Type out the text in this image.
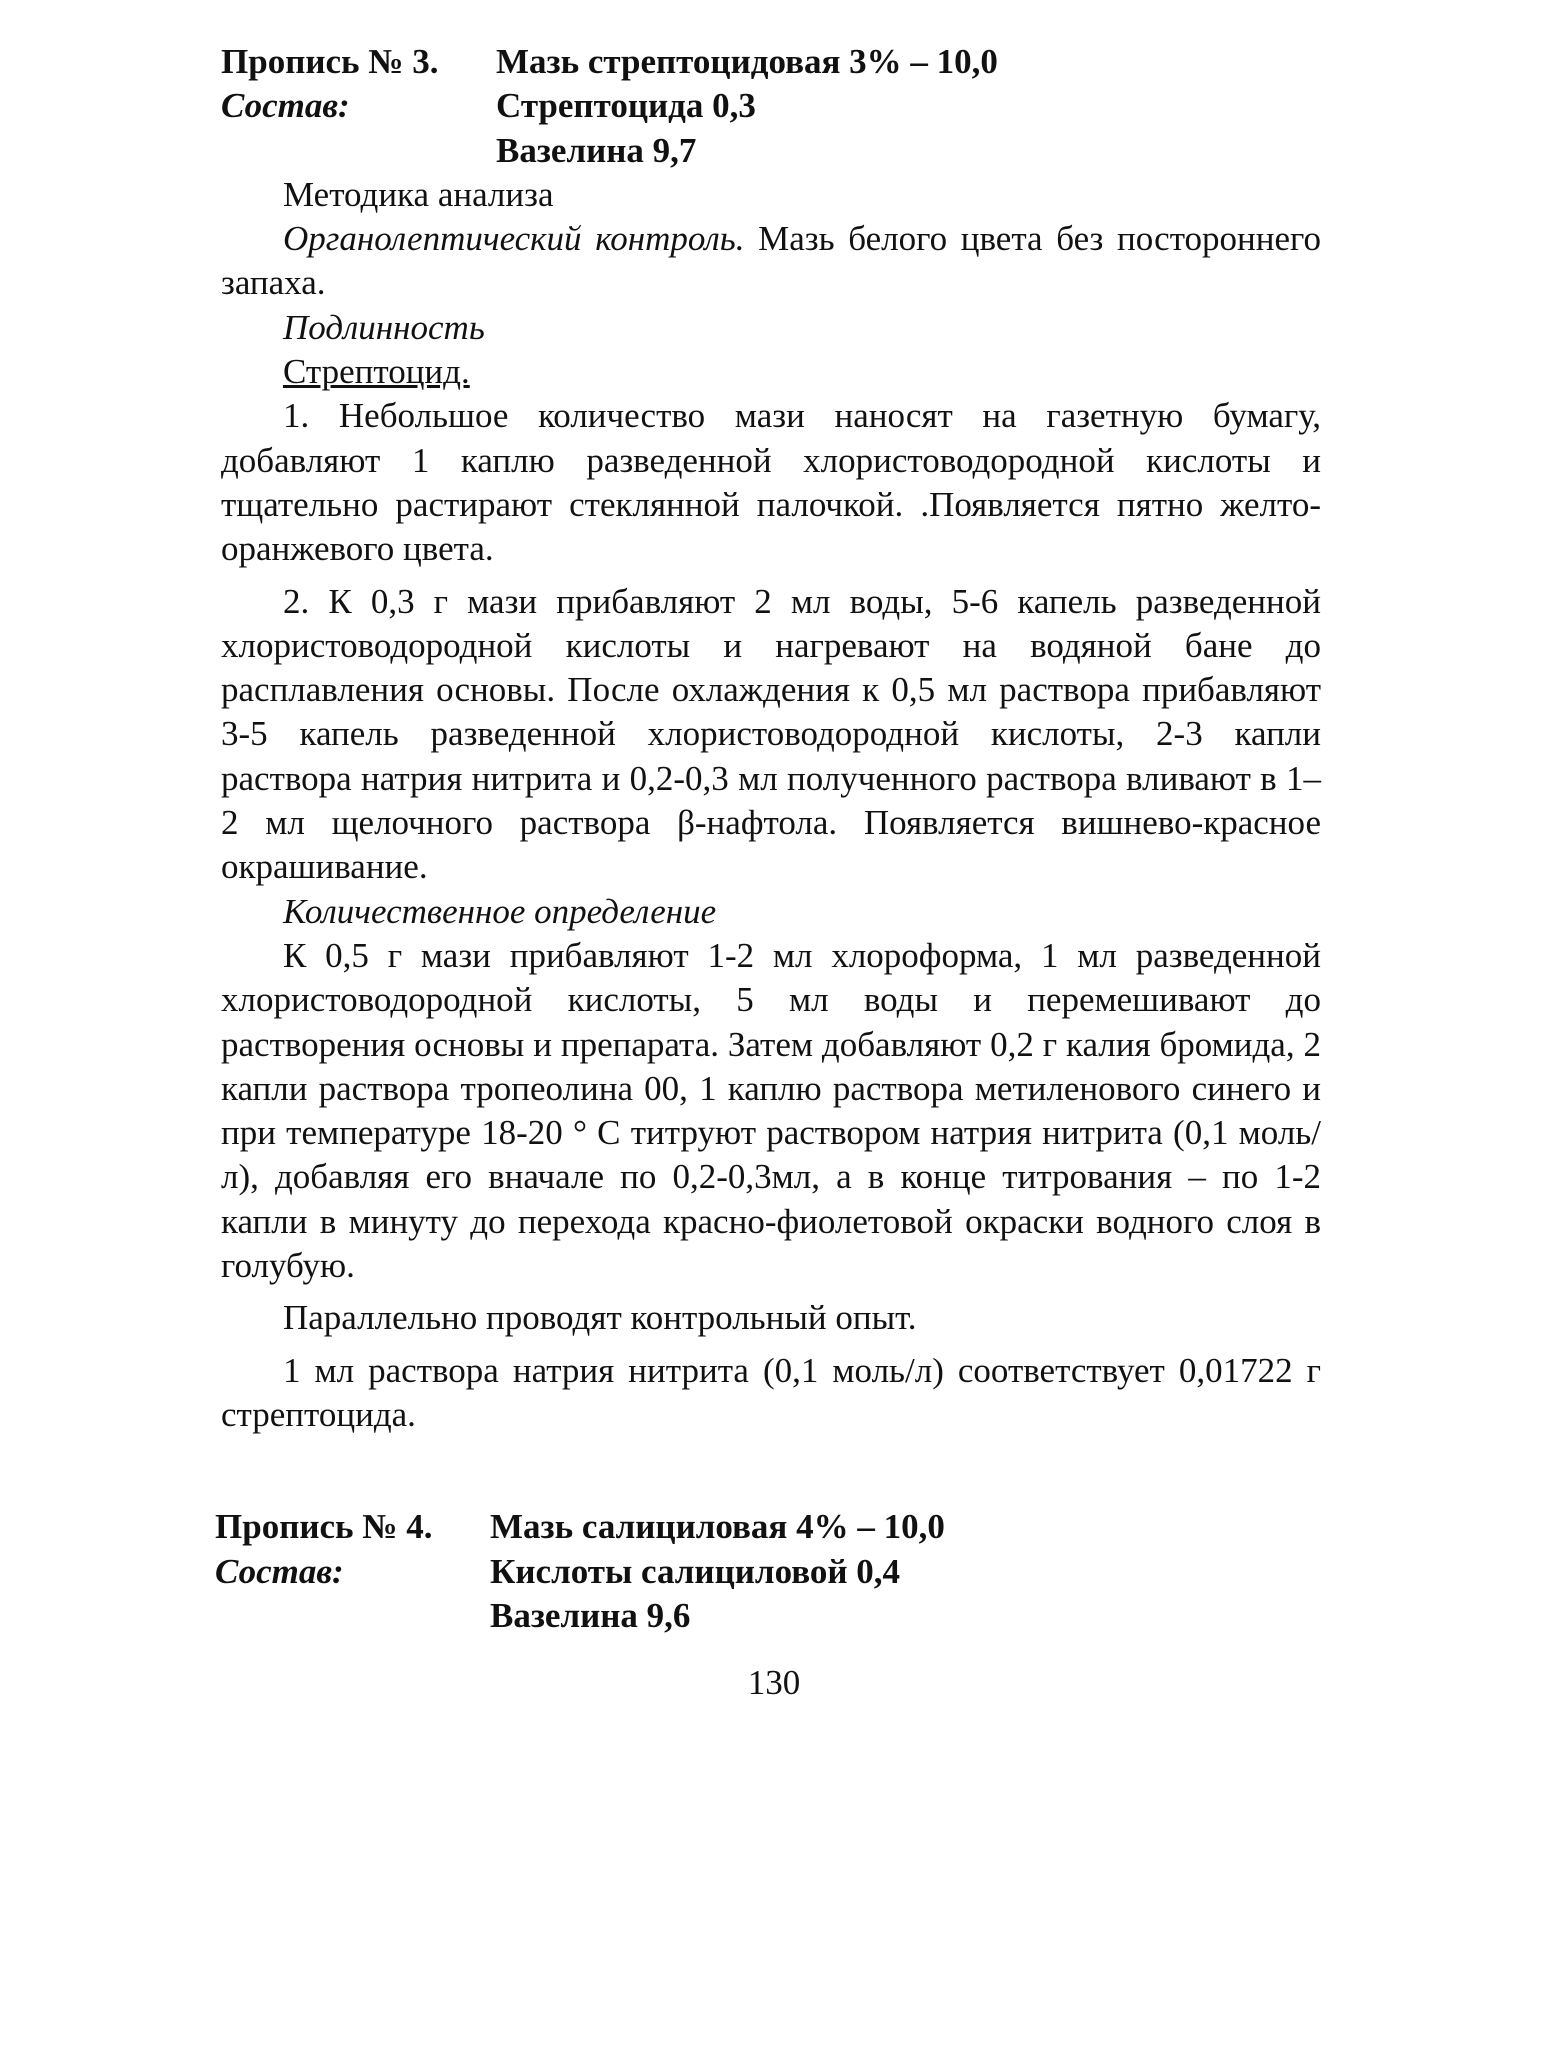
Пропись № 3.	Мазь стрептоцидовая 3% – 10,0
Состав:	Стрептоцида 0,3
Вазелина 9,7

Методика анализа

Органолептический контроль. Мазь белого цвета без постороннего запаха.

Подлинность

Стрептоцид.

1. Небольшое количество мази наносят на газетную бумагу, добавляют 1 каплю разведенной хлористоводородной кислоты и тщательно растирают стеклянной палочкой. .Появляется пятно желто-оранжевого цвета.

2. К 0,3 г мази прибавляют 2 мл воды, 5-6 капель разведенной хлористоводородной кислоты и нагревают на водяной бане до расплавления основы. После охлаждения к 0,5 мл раствора прибавляют 3-5 капель разведенной хлористоводородной кислоты, 2-3 капли раствора натрия нитрита и 0,2-0,3 мл полученного раствора вливают в 1–2 мл щелочного раствора β-нафтола. Появляется вишнево-красное окрашивание.

Количественное определение

К 0,5 г мази прибавляют 1-2 мл хлороформа, 1 мл разведенной хлористоводородной кислоты, 5 мл воды и перемешивают до растворения основы и препарата. Затем добавляют 0,2 г калия бромида, 2 капли раствора тропеолина 00, 1 каплю раствора метиленового синего и при температуре 18-20 ° С титруют раствором натрия нитрита (0,1 моль/л), добавляя его вначале по 0,2-0,3мл, а в конце титрования – по 1-2 капли в минуту до перехода красно-фиолетовой окраски водного слоя в голубую.

Параллельно проводят контрольный опыт.

1 мл раствора натрия нитрита (0,1 моль/л) соответствует 0,01722 г стрептоцида.

Пропись № 4.	Мазь салициловая 4% – 10,0
Состав:	Кислоты салициловой 0,4
Вазелина 9,6
130
